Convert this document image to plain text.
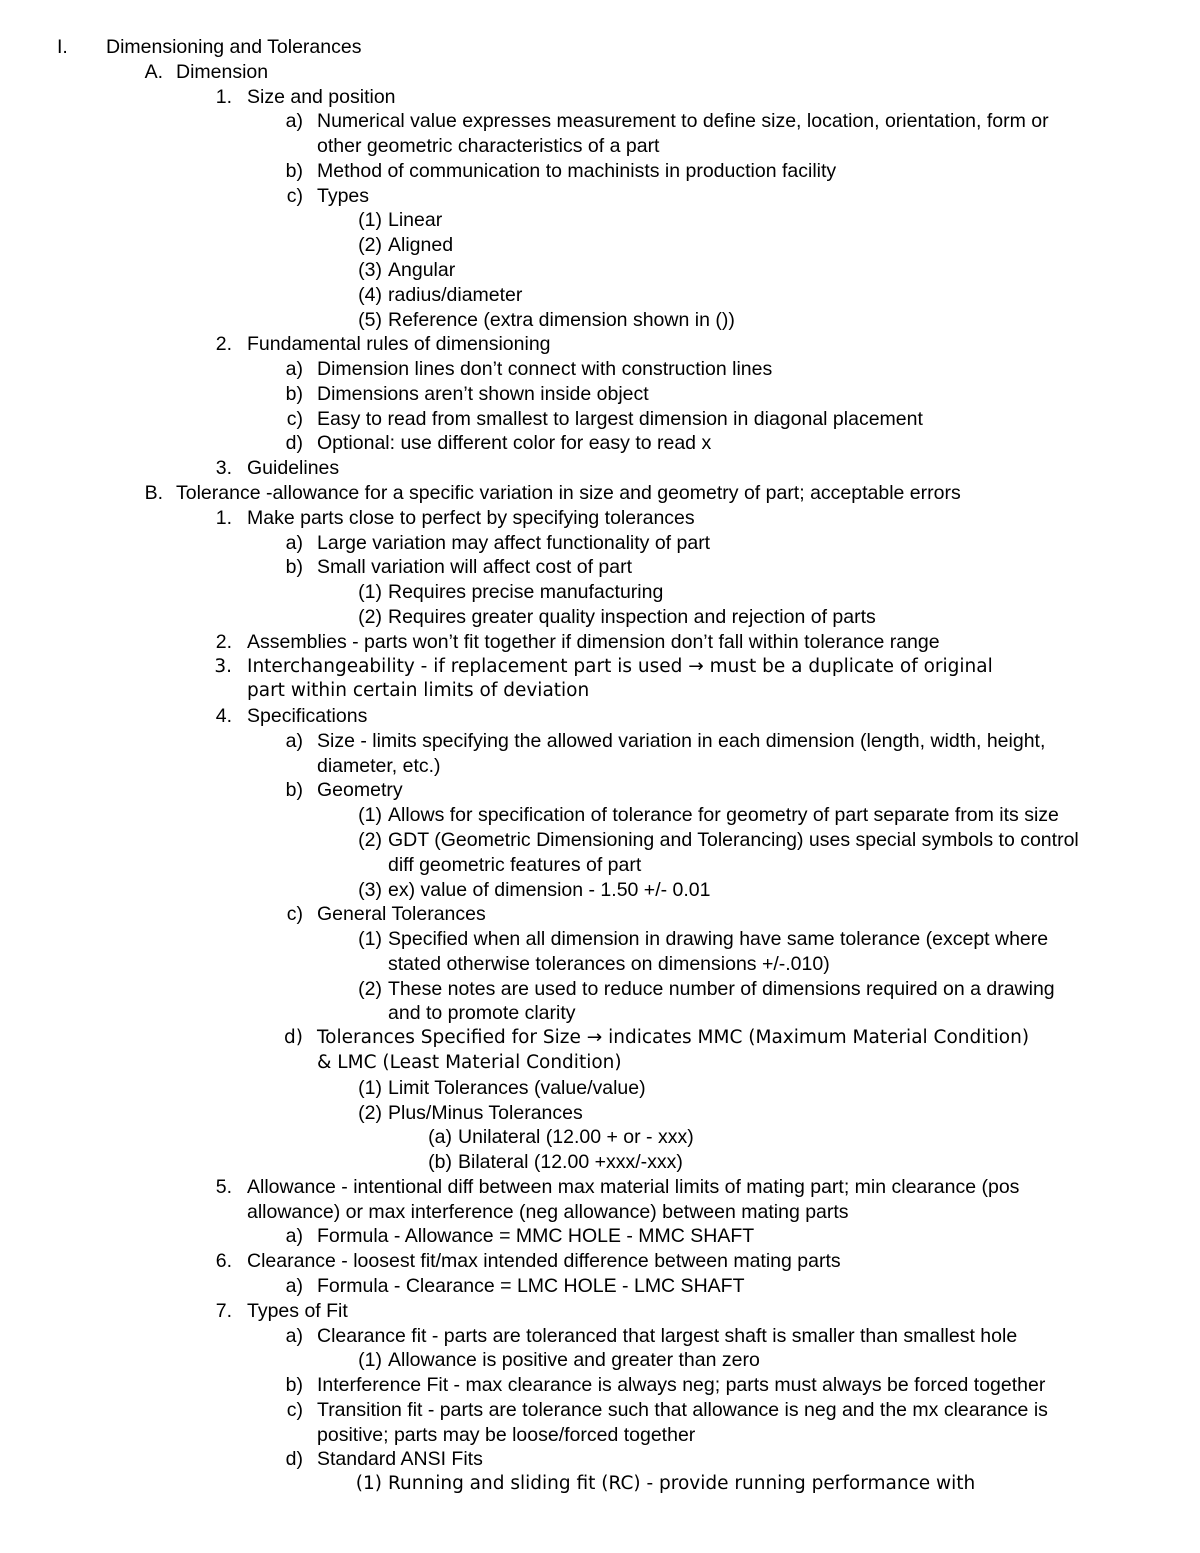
I. Dimensioning and Tolerances
A. Dimension
1. Size and position
a) Numerical value expresses measurement to define size, location, orientation, form or
other geometric characteristics of a part
b) Method of communication to machinists in production facility
c) Types
(1) Linear
(2) Aligned
(3) Angular
(4) radius/diameter
(5) Reference (extra dimension shown in ())
2. Fundamental rules of dimensioning
a) Dimension lines don’t connect with construction lines
b) Dimensions aren’t shown inside object
c) Easy to read from smallest to largest dimension in diagonal placement
d) Optional: use different color for easy to read x
3. Guidelines
B. Tolerance -allowance for a specific variation in size and geometry of part; acceptable errors
1. Make parts close to perfect by specifying tolerances
a) Large variation may affect functionality of part
b) Small variation will affect cost of part
(1) Requires precise manufacturing
(2) Requires greater quality inspection and rejection of parts
2. Assemblies - parts won’t fit together if dimension don’t fall within tolerance range
3. Interchangeability - if replacement part is used → must be a duplicate of original
part within certain limits of deviation
4. Specifications
a) Size - limits specifying the allowed variation in each dimension (length, width, height,
diameter, etc.)
b) Geometry
(1) Allows for specification of tolerance for geometry of part separate from its size
(2) GDT (Geometric Dimensioning and Tolerancing) uses special symbols to control
diff geometric features of part
(3) ex) value of dimension - 1.50 +/- 0.01
c) General Tolerances
(1) Specified when all dimension in drawing have same tolerance (except where
stated otherwise tolerances on dimensions +/-.010)
(2) These notes are used to reduce number of dimensions required on a drawing
and to promote clarity
d) Tolerances Specified for Size → indicates MMC (Maximum Material Condition)
& LMC (Least Material Condition)
(1) Limit Tolerances (value/value)
(2) Plus/Minus Tolerances
(a) Unilateral (12.00 + or - xxx)
(b) Bilateral (12.00 +xxx/-xxx)
5. Allowance - intentional diff between max material limits of mating part; min clearance (pos
allowance) or max interference (neg allowance) between mating parts
a) Formula - Allowance = MMC HOLE - MMC SHAFT
6. Clearance - loosest fit/max intended difference between mating parts
a) Formula - Clearance = LMC HOLE - LMC SHAFT
7. Types of Fit
a) Clearance fit - parts are toleranced that largest shaft is smaller than smallest hole
(1) Allowance is positive and greater than zero
b) Interference Fit - max clearance is always neg; parts must always be forced together
c) Transition fit - parts are tolerance such that allowance is neg and the mx clearance is
positive; parts may be loose/forced together
d) Standard ANSI Fits
(1) Running and sliding fit (RC) - provide running performance with
